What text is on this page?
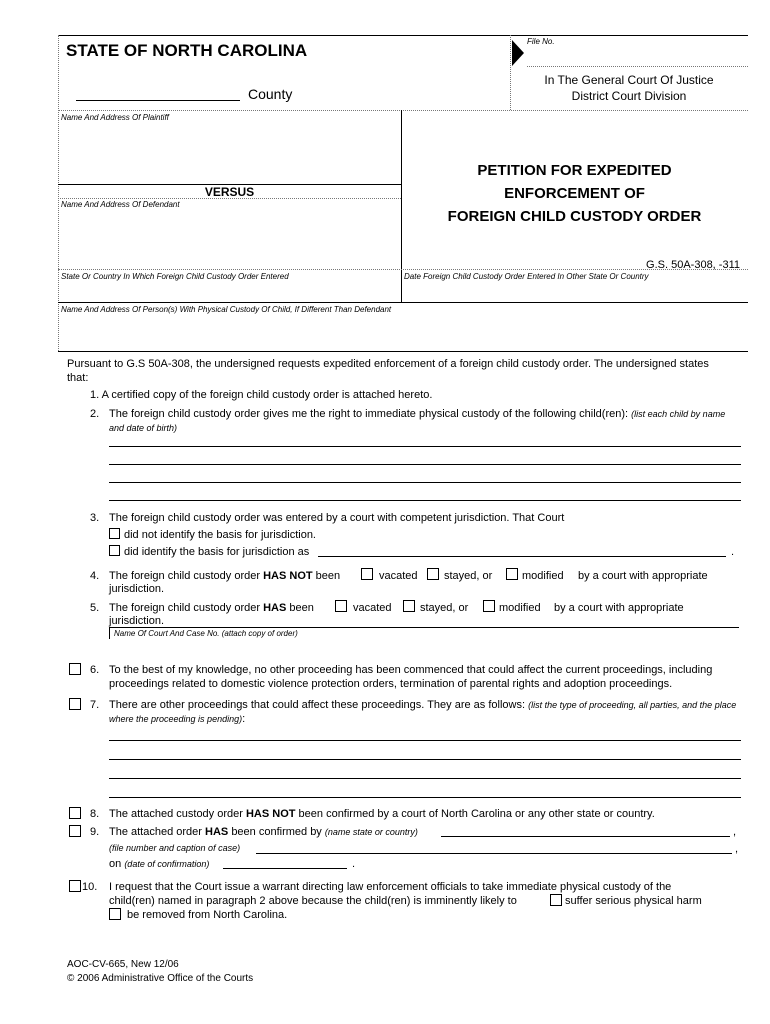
STATE OF NORTH CAROLINA
County
File No.
In The General Court Of Justice
District Court Division
Name And Address Of Plaintiff
VERSUS
Name And Address Of Defendant
PETITION FOR EXPEDITED
ENFORCEMENT OF
FOREIGN CHILD CUSTODY ORDER
G.S. 50A-308, -311
State Or Country In Which Foreign Child Custody Order Entered	Date Foreign Child Custody Order Entered In Other State Or Country
Name And Address Of Person(s) With Physical Custody Of Child, If Different Than Defendant
Pursuant to G.S 50A-308, the undersigned requests expedited enforcement of a foreign child custody order. The undersigned states that:
1. A certified copy of the foreign child custody order is attached hereto.
2. The foreign child custody order gives me the right to immediate physical custody of the following child(ren): (list each child by name and date of birth)
3. The foreign child custody order was entered by a court with competent jurisdiction. That Court
did not identify the basis for jurisdiction.
did identify the basis for jurisdiction as	.
4. The foreign child custody order HAS NOT been	vacated stayed, or	modified by a court with appropriate
jurisdiction.
5. The foreign child custody order HAS been	vacated	stayed, or	modified by a court with appropriate
jurisdiction.
Name Of Court And Case No. (attach copy of order)
6. To the best of my knowledge, no other proceeding has been commenced that could affect the current proceedings, including proceedings related to domestic violence protection orders, termination of parental rights and adoption proceedings.
7. There are other proceedings that could affect these proceedings. They are as follows: (list the type of proceeding, all parties, and the place where the proceeding is pending):
8. The attached custody order HAS NOT been confirmed by a court of North Carolina or any other state or country.
9. The attached order HAS been confirmed by (name state or country)	,
(file number and caption of case)	,
on (date of confirmation)	.
10. I request that the Court issue a warrant directing law enforcement officials to take immediate physical custody of the
child(ren) named in paragraph 2 above because the child(ren) is imminently likely to	suffer serious physical harm
be removed from North Carolina.
AOC-CV-665, New 12/06
© 2006 Administrative Office of the Courts
